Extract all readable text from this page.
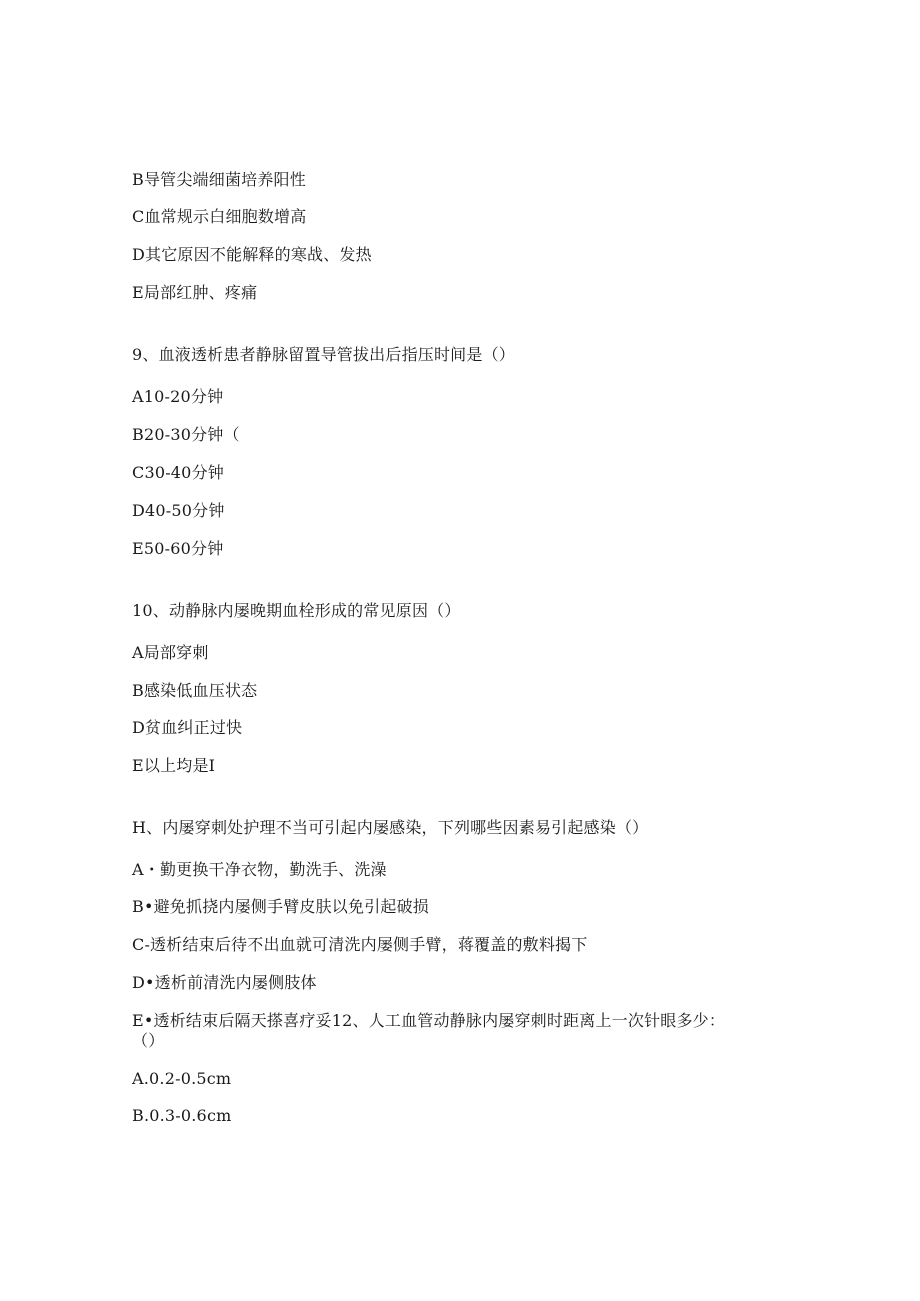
B导管尖端细菌培养阳性
C血常规示白细胞数增高
D其它原因不能解释的寒战、发热
E局部红肿、疼痛
9、血液透析患者静脉留置导管拔出后指压时间是（）
A10-20分钟
B20-30分钟（
C30-40分钟
D40-50分钟
E50-60分钟
10、动静脉内屡晚期血栓形成的常见原因（）
A局部穿刺
B感染低血压状态
D贫血纠正过快
E以上均是I
H、内屡穿刺处护理不当可引起内屡感染，下列哪些因素易引起感染（）
A・勤更换干净衣物，勤洗手、洗澡
B•避免抓挠内屡侧手臂皮肤以免引起破损
C-透析结束后待不出血就可清洗内屡侧手臂，蒋覆盖的敷料揭下
D•透析前清洗内屡侧肢体
E•透析结束后隔天搽喜疗妥12、人工血管动静脉内屡穿刺时距离上一次针眼多少：
（）
A.0.2-0.5cm
B.0.3-0.6cm
